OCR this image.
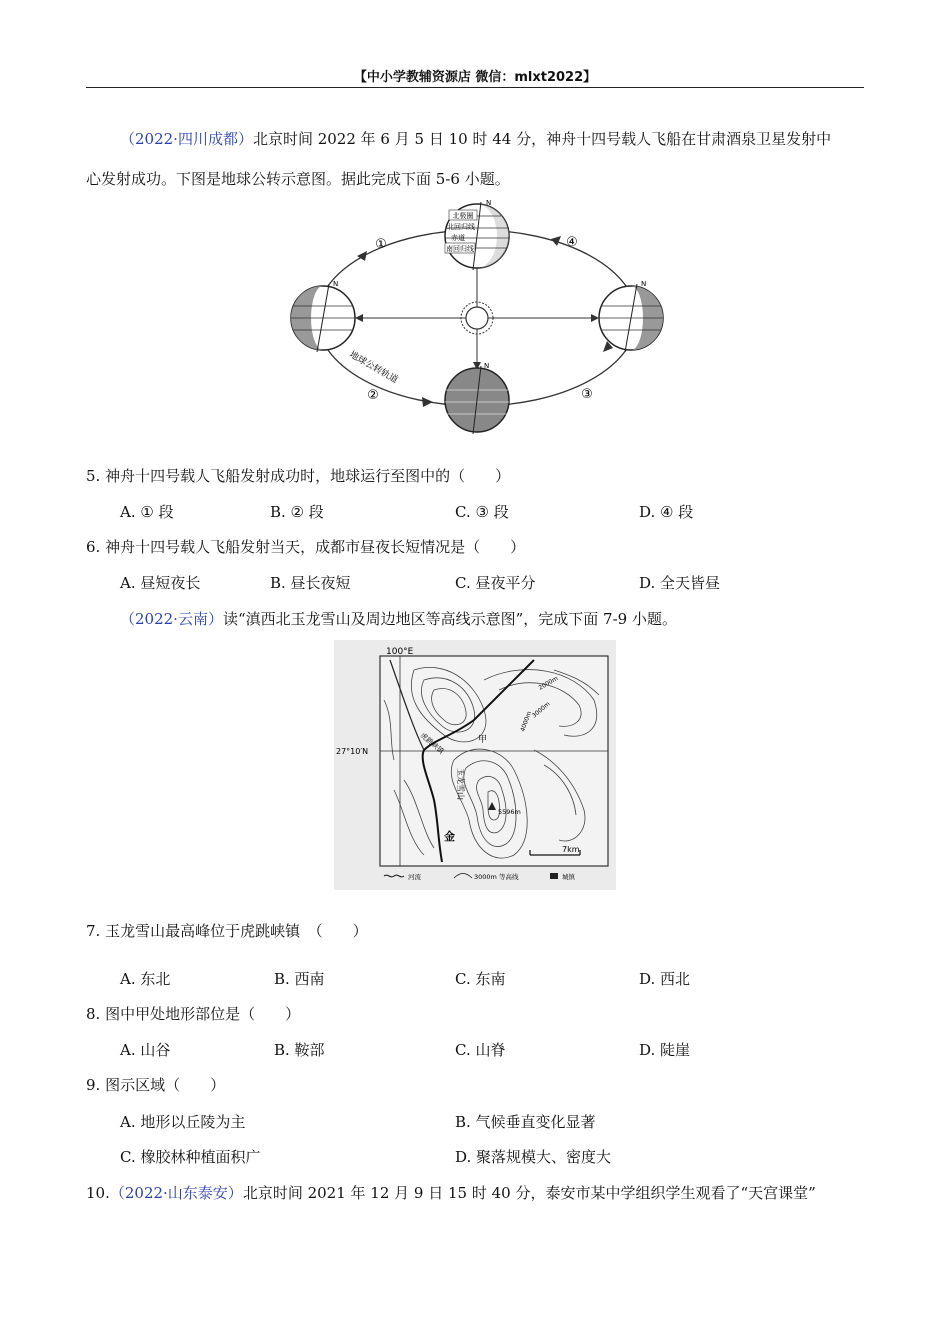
【中小学教辅资源店 微信：mlxt2022】
（2022·四川成都）北京时间 2022 年 6 月 5 日 10 时 44 分，神舟十四号载人飞船在甘肃酒泉卫星发射中
心发射成功。下图是地球公转示意图。据此完成下面 5-6 小题。
北极圈
北回归线
赤道
南回归线
N
N
N
N
地球公转轨道
①
②	③
④
5. 神舟十四号载人飞船发射成功时，地球运行至图中的（　　）
A. ① 段	B. ② 段	C. ③ 段	D. ④ 段
6. 神舟十四号载人飞船发射当天，成都市昼夜长短情况是（　　）
A. 昼短夜长	B. 昼长夜短	C. 昼夜平分	D. 全天皆昼
（2022·云南）读“滇西北玉龙雪山及周边地区等高线示意图”，完成下面 7-9 小题。
5596m
玉龙雪山
4000m
2000m
3000m
虎跳峡镇	甲
金
100°E
27°10′N
7km
河流	3000m 等高线	城镇
7. 玉龙雪山最高峰位于虎跳峡镇　（　　）
A. 东北	B. 西南	C. 东南	D. 西北
8. 图中甲处地形部位是（　　）
A. 山谷	B. 鞍部	C. 山脊	D. 陡崖
9. 图示区域（　　）
A. 地形以丘陵为主	B. 气候垂直变化显著
C. 橡胶林种植面积广	D. 聚落规模大、密度大
10.（2022·山东泰安）北京时间 2021 年 12 月 9 日 15 时 40 分，泰安市某中学组织学生观看了“天宫课堂”
